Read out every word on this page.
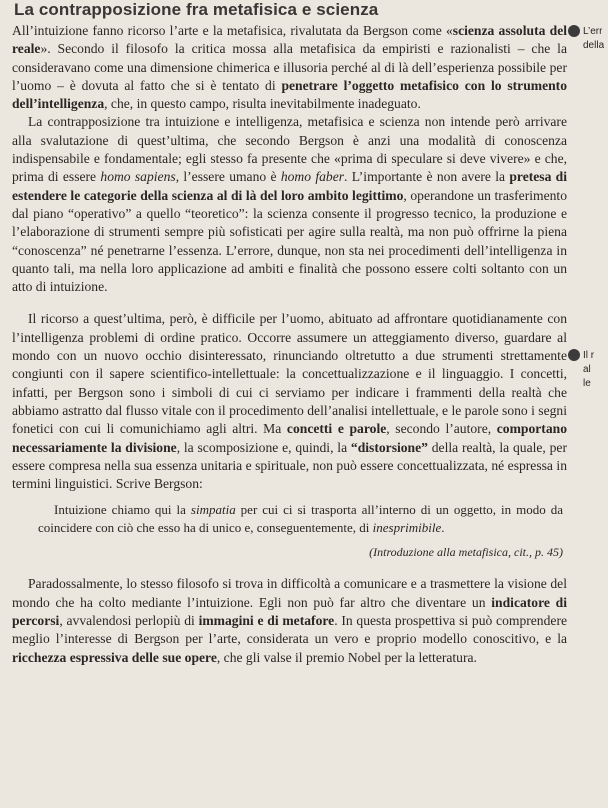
La contrapposizione fra metafisica e scienza

All’intuizione fanno ricorso l’arte e la metafisica, rivalutata da Bergson come «scienza assoluta del reale». Secondo il filosofo la critica mossa alla metafisica da empiristi e razionalisti – che la consideravano come una dimensione chimerica e illusoria perché al di là dell’esperienza possibile per l’uomo – è dovuta al fatto che si è tentato di penetrare l’oggetto metafisico con lo strumento dell’intelligenza, che, in questo campo, risulta inevitabilmente inadeguato.

La contrapposizione tra intuizione e intelligenza, metafisica e scienza non intende però arrivare alla svalutazione di quest’ultima, che secondo Bergson è anzi una modalità di conoscenza indispensabile e fondamentale; egli stesso fa presente che «prima di speculare si deve vivere» e che, prima di essere homo sapiens, l’essere umano è homo faber. L’importante è non avere la pretesa di estendere le categorie della scienza al di là del loro ambito legittimo, operandone un trasferimento dal piano “operativo” a quello “teoretico”: la scienza consente il progresso tecnico, la produzione e l’elaborazione di strumenti sempre più sofisticati per agire sulla realtà, ma non può offrirne la piena “conoscenza” né penetrarne l’essenza. L’errore, dunque, non sta nei procedimenti dell’intelligenza in quanto tali, ma nella loro applicazione ad ambiti e finalità che possono essere colti soltanto con un atto di intuizione.

Il ricorso a quest’ultima, però, è difficile per l’uomo, abituato ad affrontare quotidianamente con l’intelligenza problemi di ordine pratico. Occorre assumere un atteggiamento diverso, guardare al mondo con un nuovo occhio disinteressato, rinunciando oltretutto a due strumenti strettamente congiunti con il sapere scientifico-intellettuale: la concettualizzazione e il linguaggio. I concetti, infatti, per Bergson sono i simboli di cui ci serviamo per indicare i frammenti della realtà che abbiamo astratto dal flusso vitale con il procedimento dell’analisi intellettuale, e le parole sono i segni fonetici con cui li comunichiamo agli altri. Ma concetti e parole, secondo l’autore, comportano necessariamente la divisione, la scomposizione e, quindi, la “distorsione” della realtà, la quale, per essere compresa nella sua essenza unitaria e spirituale, non può essere concettualizzata, né espressa in termini linguistici. Scrive Bergson:

Intuizione chiamo qui la simpatia per cui ci si trasporta all’interno di un oggetto, in modo da coincidere con ciò che esso ha di unico e, conseguentemente, di inesprimibile.

(Introduzione alla metafisica, cit., p. 45)

Paradossalmente, lo stesso filosofo si trova in difficoltà a comunicare e a trasmettere la visione del mondo che ha colto mediante l’intuizione. Egli non può far altro che diventare un indicatore di percorsi, avvalendosi perlopiù di immagini e di metafore. In questa prospettiva si può comprendere meglio l’interesse di Bergson per l’arte, considerata un vero e proprio modello conoscitivo, e la ricchezza espressiva delle sue opere, che gli valse il premio Nobel per la letteratura.

L’err
della
Il r
al
le
